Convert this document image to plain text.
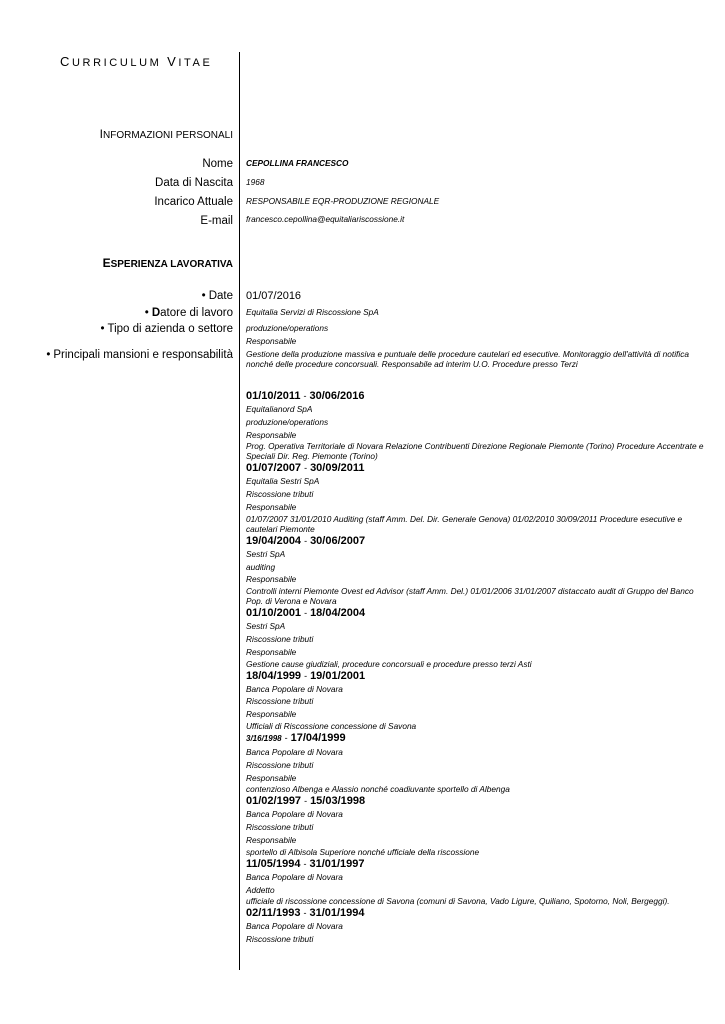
CURRICULUM VITAE
INFORMAZIONI PERSONALI
Nome CEPOLLINA FRANCESCO
Data di Nascita 1968
Incarico Attuale RESPONSABILE EQR-PRODUZIONE REGIONALE
E-mail francesco.cepollina@equitaliariscossione.it
ESPERIENZA LAVORATIVA
• Date 01/07/2016
• Datore di lavoro Equitalia Servizi di Riscossione SpA
• Tipo di azienda o settore produzione/operations
Responsabile
• Principali mansioni e responsabilità Gestione della produzione massiva e puntuale delle procedure cautelari ed esecutive. Monitoraggio dell'attività di notifica nonché delle procedure concorsuali. Responsabile ad interim U.O. Procedure presso Terzi
01/10/2011 - 30/06/2016
Equitalianord SpA
produzione/operations
Responsabile
Prog. Operativa Territoriale di Novara Relazione Contribuenti Direzione Regionale Piemonte (Torino) Procedure Accentrate e Speciali Dir. Reg. Piemonte (Torino)
01/07/2007 - 30/09/2011
Equitalia Sestri SpA
Riscossione tributi
Responsabile
01/07/2007 31/01/2010 Auditing (staff Amm. Del. Dir. Generale Genova) 01/02/2010 30/09/2011 Procedure esecutive e cautelari Piemonte
19/04/2004 - 30/06/2007
Sestri SpA
auditing
Responsabile
Controlli interni Piemonte Ovest ed Advisor (staff Amm. Del.) 01/01/2006 31/01/2007 distaccato audit di Gruppo del Banco Pop. di Verona e Novara
01/10/2001 - 18/04/2004
Sestri SpA
Riscossione tributi
Responsabile
Gestione cause giudiziali, procedure concorsuali e procedure presso terzi Asti
18/04/1999 - 19/01/2001
Banca Popolare di Novara
Riscossione tributi
Responsabile
Ufficiali di Riscossione concessione di Savona
3/16/1998 - 17/04/1999
Banca Popolare di Novara
Riscossione tributi
Responsabile
contenzioso Albenga e Alassio nonché coadiuvante sportello di Albenga
01/02/1997 - 15/03/1998
Banca Popolare di Novara
Riscossione tributi
Responsabile
sportello di Albisola Superiore nonché ufficiale della riscossione
11/05/1994 - 31/01/1997
Banca Popolare di Novara
Addetto
ufficiale di riscossione concessione di Savona (comuni di Savona, Vado Ligure, Quiliano, Spotorno, Noli, Bergeggi).
02/11/1993 - 31/01/1994
Banca Popolare di Novara
Riscossione tributi
